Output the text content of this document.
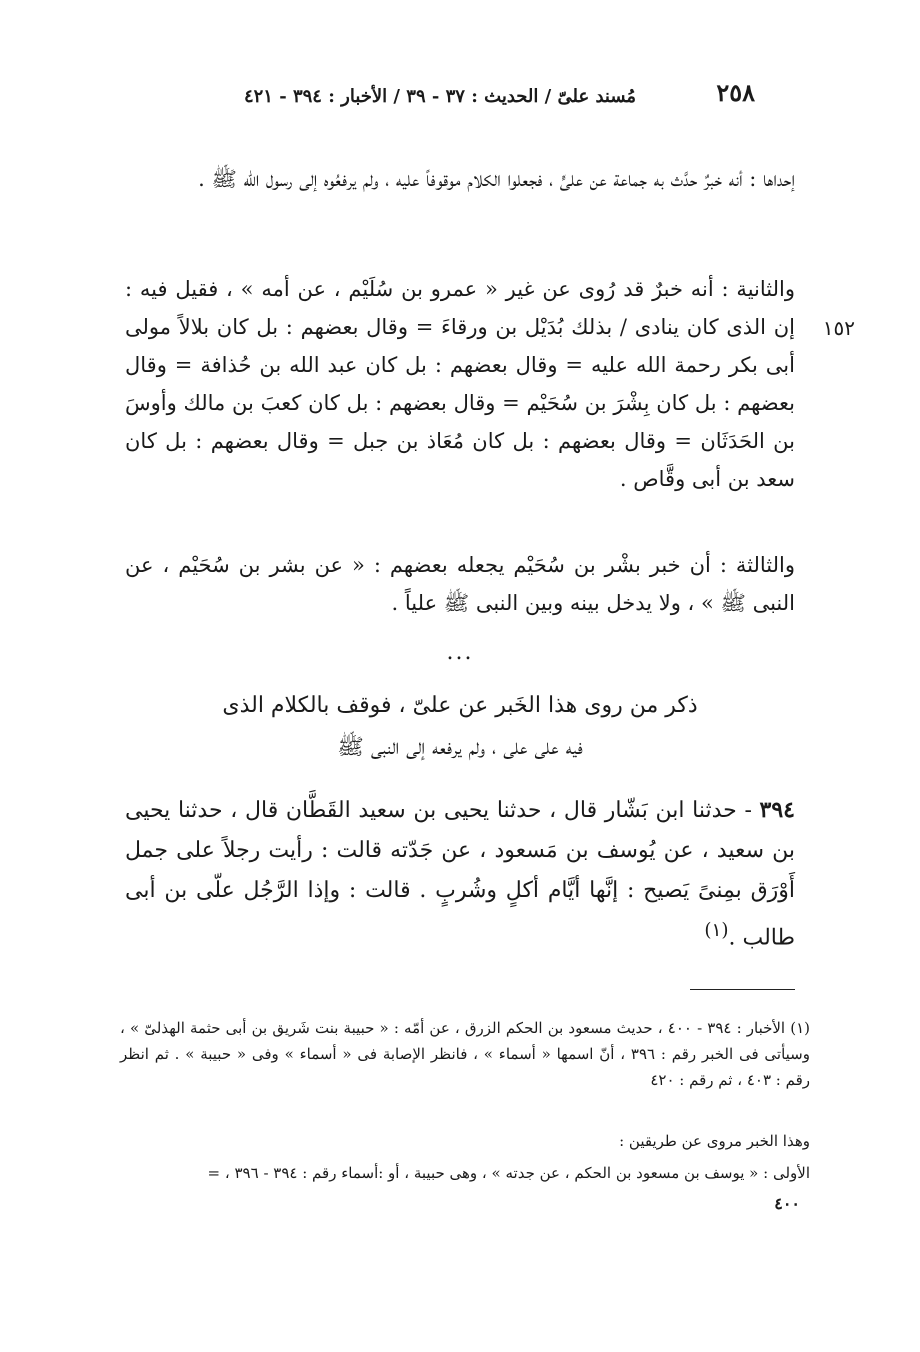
٢٥٨
مُسند علىّ / الحديث : ٣٧ - ٣٩ / الأخبار : ٣٩٤ - ٤٢١
إحداها : أنه خبرٌ حدَّث به جماعة عن علىٍّ ، فجعلوا الكلام موقوفاً عليه ، ولم يرفعُوه إلى رسول الله ﷺ .
١٥٢
والثانية : أنه خبرٌ قد رُوى عن غير « عمرو بن سُلَيْم ، عن أمه » ، فقيل فيه : إن الذى كان ينادى / بذلك بُدَيْل بن ورقاءَ = وقال بعضهم : بل كان بلالاً مولى أبى بكر رحمة الله عليه = وقال بعضهم : بل كان عبد الله بن حُذافة = وقال بعضهم : بل كان بِشْرَ بن سُحَيْم = وقال بعضهم : بل كان كعبَ بن مالك وأوسَ بن الحَدَثَان = وقال بعضهم : بل كان مُعَاذ بن جبل = وقال بعضهم : بل كان سعد بن أبى وقَّاص .
والثالثة : أن خبر بشْر بن سُحَيْم يجعله بعضهم : « عن بشر بن سُحَيْم ، عن النبى ﷺ » ، ولا يدخل بينه وبين النبى ﷺ علياً .
...
ذكر من روى هذا الخَبر عن علىّ ، فوقف بالكلام الذى
فيه على على ، ولم يرفعه إلى النبى ﷺ
٣٩٤ - حدثنا ابن بَشّار قال ، حدثنا يحيى بن سعيد القَطَّان قال ، حدثنا يحيى بن سعيد ، عن يُوسف بن مَسعود ، عن جَدّته قالت : رأيت رجلاً على جمل أَوْرَق بمِنىً يَصيح : إنَّها أيَّام أكلٍ وشُربٍ . قالت : وإذا الرَّجُل علّى بن أبى طالب .$^{(١)}$
(١) الأخبار : ٣٩٤ - ٤٠٠ ، حديث مسعود بن الحكم الزرق ، عن أمّه : « حبيبة بنت شَريق بن أبى حثمة الهذلىّ » ، وسيأتى فى الخبر رقم : ٣٩٦ ، أنّ اسمها « أسماء » ، فانظر الإصابة فى « أسماء » وفى « حبيبة » . ثم انظر رقم : ٤٠٣ ، ثم رقم : ٤٢٠
وهذا الخبر مروى عن طريقين :
الأولى : « يوسف بن مسعود بن الحكم ، عن جدته » ، وهى حبيبة ، أو :أسماء رقم : ٣٩٤ - ٣٩٦ ، =
٤٠٠
